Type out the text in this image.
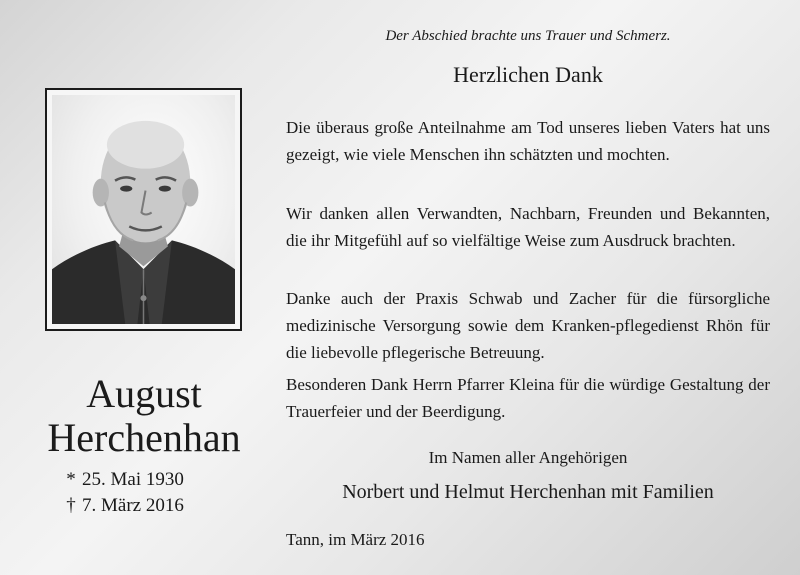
August
Herchenhan
* 25. Mai 1930
† 7. März 2016
Der Abschied brachte uns Trauer und Schmerz.
Herzlichen Dank

Die überaus große Anteilnahme am Tod unseres lieben Vaters hat uns gezeigt, wie viele Menschen ihn schätzten und mochten.

Wir danken allen Verwandten, Nachbarn, Freunden und Bekannten, die ihr Mitgefühl auf so vielfältige Weise zum Ausdruck brachten.

Danke auch der Praxis Schwab und Zacher für die fürsorgliche medizinische Versorgung sowie dem Kranken-pflegedienst Rhön für die liebevolle pflegerische Betreuung.

Besonderen Dank Herrn Pfarrer Kleina für die würdige Gestaltung der Trauerfeier und der Beerdigung.

Im Namen aller Angehörigen
Norbert und Helmut Herchenhan mit Familien
Tann, im März 2016
